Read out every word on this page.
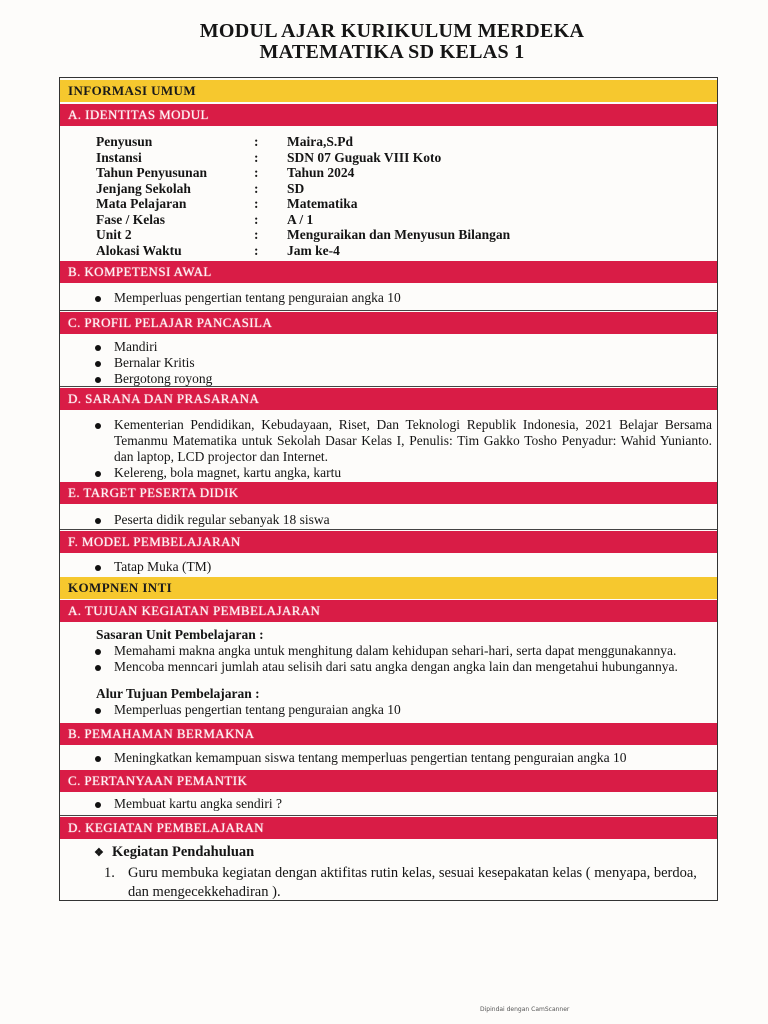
MODUL AJAR KURIKULUM MERDEKA
MATEMATIKA SD KELAS 1
INFORMASI UMUM
A. IDENTITAS MODUL
Penyusun	: Maira,S.Pd
Instansi	: SDN 07 Guguak VIII Koto
Tahun Penyusunan	: Tahun 2024
Jenjang Sekolah	: SD
Mata Pelajaran	: Matematika
Fase / Kelas	: A / 1
Unit 2	: Menguraikan dan Menyusun Bilangan
Alokasi Waktu	: Jam ke-4
B. KOMPETENSI AWAL
Memperluas pengertian tentang penguraian angka 10
C. PROFIL PELAJAR PANCASILA
Mandiri
Bernalar Kritis
Bergotong royong
D. SARANA DAN PRASARANA
Kementerian Pendidikan, Kebudayaan, Riset, Dan Teknologi Republik Indonesia, 2021 Belajar Bersama Temanmu Matematika untuk Sekolah Dasar Kelas I, Penulis: Tim Gakko Tosho Penyadur: Wahid Yunianto. dan laptop, LCD projector dan Internet.
Kelereng, bola magnet, kartu angka, kartu
E. TARGET PESERTA DIDIK
Peserta didik regular sebanyak 18 siswa
F. MODEL PEMBELAJARAN
Tatap Muka (TM)
KOMPNEN INTI
A. TUJUAN KEGIATAN PEMBELAJARAN
Sasaran Unit Pembelajaran :
Memahami makna angka untuk menghitung dalam kehidupan sehari-hari, serta dapat menggunakannya.
Mencoba menncari jumlah atau selisih dari satu angka dengan angka lain dan mengetahui hubungannya.
Alur Tujuan Pembelajaran :
Memperluas pengertian tentang penguraian angka 10
B. PEMAHAMAN BERMAKNA
Meningkatkan kemampuan siswa tentang memperluas pengertian tentang penguraian angka 10
C. PERTANYAAN PEMANTIK
Membuat kartu angka sendiri ?
D. KEGIATAN PEMBELAJARAN
❖ Kegiatan Pendahuluan
1. Guru membuka kegiatan dengan aktifitas rutin kelas, sesuai kesepakatan kelas ( menyapa, berdoa, dan mengecekkehadiran ).
Dipindai dengan CamScanner
